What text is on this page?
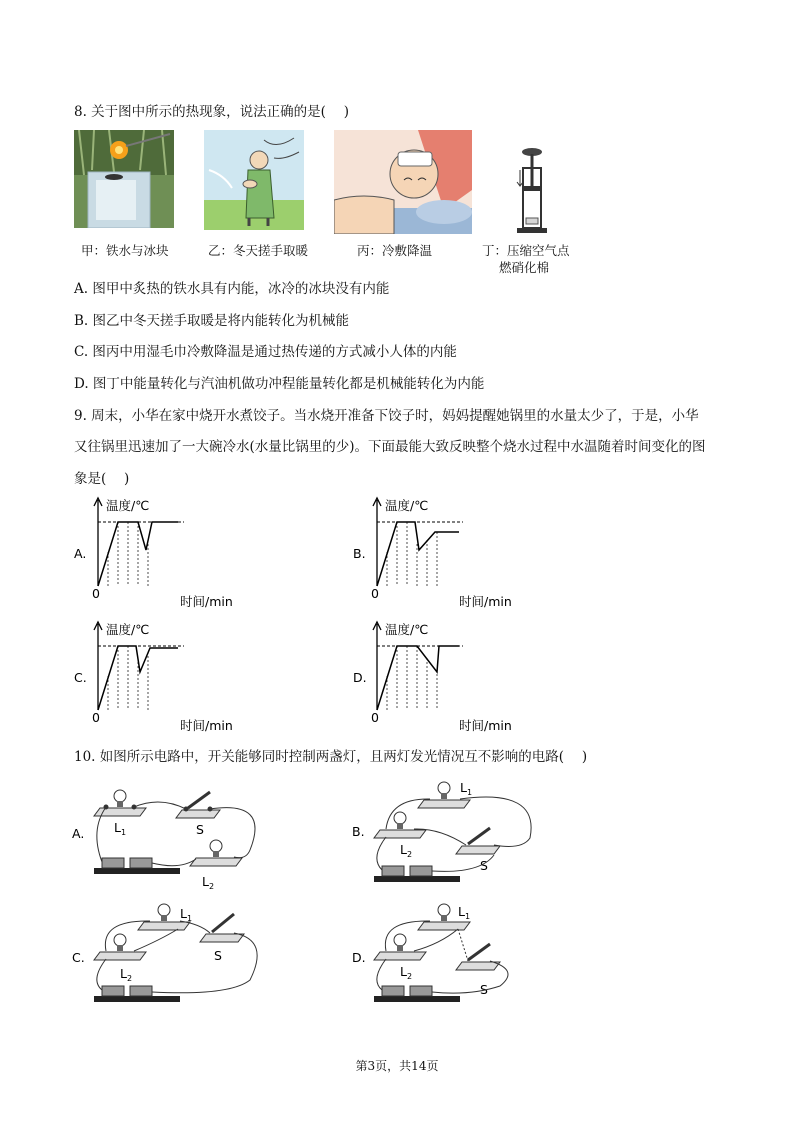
8. 关于图中所示的热现象，说法正确的是(　 )
甲：铁水与冰块	乙：冬天搓手取暖	丙：冷敷降温	丁：压缩空气点
燃硝化棉
A. 图甲中炙热的铁水具有内能，冰冷的冰块没有内能
B. 图乙中冬天搓手取暖是将内能转化为机械能
C. 图丙中用湿毛巾冷敷降温是通过热传递的方式减小人体的内能
D. 图丁中能量转化与汽油机做功冲程能量转化都是机械能转化为内能
9. 周末，小华在家中烧开水煮饺子。当水烧开准备下饺子时，妈妈提醒她锅里的水量太少了，于是，小华
又往锅里迅速加了一大碗冷水(水量比锅里的少)。下面最能大致反映整个烧水过程中水温随着时间变化的图
象是(　 )
A.
温度/℃
0
时间/min
B.
温度/℃
0
时间/min
C.
温度/℃
0
时间/min
D.
温度/℃
0
时间/min
10. 如图所示电路中，开关能够同时控制两盏灯，且两灯发光情况互不影响的电路(　 )
A. $L_1$	S
$L_2$
B.
$L_1$
$L_2$
S
C.
$L_1$
$L_2$
S	D.
$L_1$
$L_2$
S
第3页，共14页
